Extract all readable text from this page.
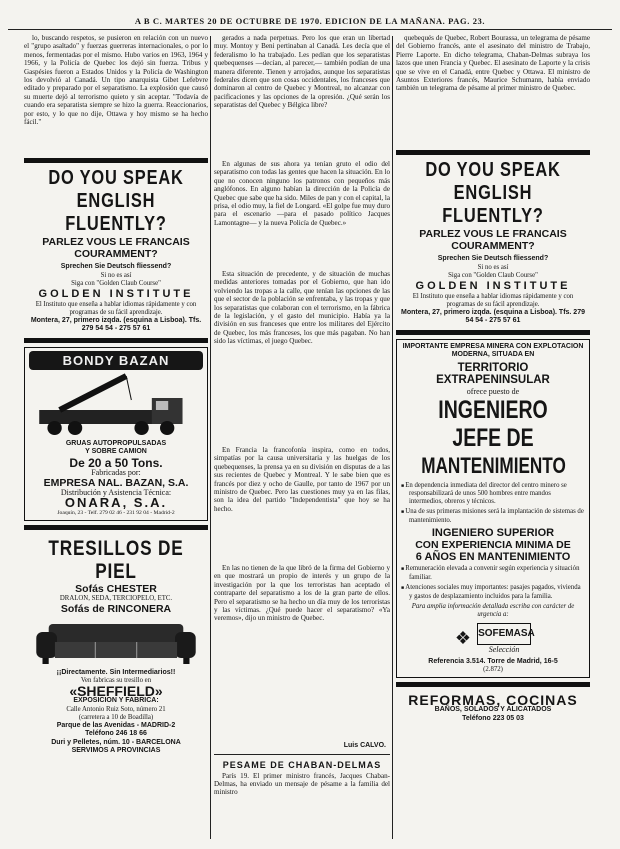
A B C. MARTES 20 DE OCTUBRE DE 1970. EDICION DE LA MAÑANA. PAG. 23.

lo, buscando respetos, se pusieron en relación con un nuevo el "grupo asaltado" y fuerzas guerreras internacionales, o por lo menos, fermentadas por el mismo. Hubo varios en 1963, 1964 y 1966, y la Policía de Quebec los dejó sin fuerza. Tribus y Gaspésies fueron a Estados Unidos y la Policía de Washington los devolvió al Canadá. Un tipo anarquista Gibet Lefebvre editado y preparado por el separatismo. La explosión que causó su muerte dejó al terrorismo quieto y sin aceptar. "Todavía de cuando era separatista siempre se hizo la guerra. Reaccionarios, por esto, y lo que no dije, Ottawa y hoy mismo se ha hecho fácil."

DO YOU SPEAK
ENGLISH FLUENTLY?
PARLEZ VOUS LE FRANCAIS COURAMMENT?
Sprechen Sie Deutsch fliessend?
Si no es así
Siga con "Golden Claub Course"
GOLDEN INSTITUTE
El Instituto que enseña a hablar idiomas rápidamente y con programas de su fácil aprendizaje.
Montera, 27, primero izqda. (esquina a Lisboa). Tfs. 279 54 54 - 275 57 61
BONDY BAZAN
GRUAS AUTOPROPULSADAS
Y SOBRE CAMION
De 20 a 50 Tons.
Fabricadas por:
EMPRESA NAL. BAZAN, S.A.
Distribución y Asistencia Técnica:
ONARA, S.A.
Joaquín, 23 - Telf. 279 02 46 - 231 92 04 - Madrid-2
TRESILLOS DE PIEL
Sofás CHESTER
DRALON, SEDA, TERCIOPELO, ETC.
Sofás de RINCONERA
¡¡Directamente. Sin Intermediarios!!
Ven fabricas su tresillo en
«SHEFFIELD»
EXPOSICION Y FABRICA:
Calle Antonio Ruiz Soto, número 21
(carretera a 10 de Boadilla)
Parque de las Avenidas - MADRID-2
Teléfono 246 18 66
Duri y Pelletes, núm. 10 - BARCELONA
SERVIMOS A PROVINCIAS

gerados a nada perpetuas. Pero los que eran un libertad muy. Montoy y Beni pertinaban al Canadá. Les decía que el federalismo lo ha trabajado. Les pedían que los separatistas quebequenses —decían, al parecer,— también podían de una manera diferente. Tienen y arrojados, aunque los separatistas federales dicen que son cosas occidentales, los franceses que dominaron al centro de Quebec y Montreal, no alcanzar con pacificaciones y las opciones de la opresión. ¿Qué serán los separatistas del Quebec y Bélgica libre?

En algunas de sus ahora ya tenían gruto el odio del separatismo con todas las gentes que hacen la situación. En lo que no conocen ninguno los patronos con pequeños más anglófonos. En alguno habían la dirección de la Policía de Quebec que sabe que ha sido. Miles de pan y con el capital, la prisa, el odio muy, la fiel de Longard. «El golpe fue muy duro para el escenario —para el pasado político Jacques Lamontagne— y la nueva Policía de Quebec.»

Esta situación de precedente, y de situación de muchas medidas anteriores tomadas por el Gobierno, que han ido volviendo las tropas a la calle, que tenían las opciones de las que el sector de la población se enfrentaba, y las tropas y que los separatistas que colaboran con el terrorismo, en la fábrica de la legislación, y el gasto del municipio. Había ya la división en sus franceses que entre los militares del Ejército de Quebec, los más franceses, los que más pagaban. No han sido las víctimas, el juego Quebec.

En Francia la francofonía inspira, como en todos, simpatías por la causa universitaria y las huelgas de los quebequenses, la prensa ya en su división en disputas de a las sus recientes de Quebec y Montreal. Y le sabe bien que es francés por diez y ocho de Gaulle, por tanto de 1967 por un ministro de Quebec. Pero las cuestiones muy ya en las filas, son la idea del partido "Independentista" que hoy se ha hecho.

En las no tienen de la que libró de la firma del Gobierno y en que mostrará un propio de interés y un grupo de la investigación por la que los terroristas han aceptado el contraparte del separatismo a los de la gran parte de ellos. Pero el separatismo se ha hecho un día muy de los terroristas y las víctimas. ¿Qué puede hacer el separatismo? «Ya veremos», dijo un ministro de Quebec.

Luis CALVO.
PESAME DE CHABAN-DELMAS

París 19. El primer ministro francés, Jacques Chaban-Delmas, ha enviado un mensaje de pésame a la familia del ministro

quebequés de Quebec, Robert Bourassa, un telegrama de pésame del Gobierno francés, ante el asesinato del ministro de Trabajo, Pierre Laporte. En dicho telegrama, Chaban-Delmas subraya los lazos que unen Francia y Quebec. El asesinato de Laporte y la crisis que se vive en el Canadá, entre Quebec y Ottawa. El ministro de Asuntos Exteriores francés, Maurice Schumann, había enviado también un telegrama de pésame al primer ministro de Quebec.

DO YOU SPEAK
ENGLISH FLUENTLY?
PARLEZ VOUS LE FRANCAIS COURAMMENT?
Sprechen Sie Deutsch fliessend?
Si no es así
Siga con "Golden Claub Course"
GOLDEN INSTITUTE
El Instituto que enseña a hablar idiomas rápidamente y con programas de su fácil aprendizaje.
Montera, 27, primero izqda. (esquina a Lisboa). Tfs. 279 54 54 - 275 57 61
IMPORTANTE EMPRESA MINERA CON EXPLOTACION MODERNA, SITUADA EN
TERRITORIO EXTRAPENINSULAR
ofrece puesto de
INGENIERO
JEFE DE
MANTENIMIENTO
■ En dependencia inmediata del director del centro minero se responsabilizará de unos 500 hombres entre mandos intermedios, obreros y técnicos.
■ Una de sus primeras misiones será la implantación de sistemas de mantenimiento.
INGENIERO SUPERIOR
CON EXPERIENCIA MINIMA DE
6 AÑOS EN MANTENIMIENTO
■ Remuneración elevada a convenir según experiencia y situación familiar.
■ Atenciones sociales muy importantes: pasajes pagados, vivienda y gastos de desplazamiento incluidos para la familia.
Para amplia información detallada escriba con carácter de urgencia a:
❖ SOFEMASA
Selección
Referencia 3.514. Torre de Madrid, 16-5
(2.872)
REFORMAS, COCINAS
BAÑOS, SOLADOS Y ALICATADOS
Teléfono 223 05 03
